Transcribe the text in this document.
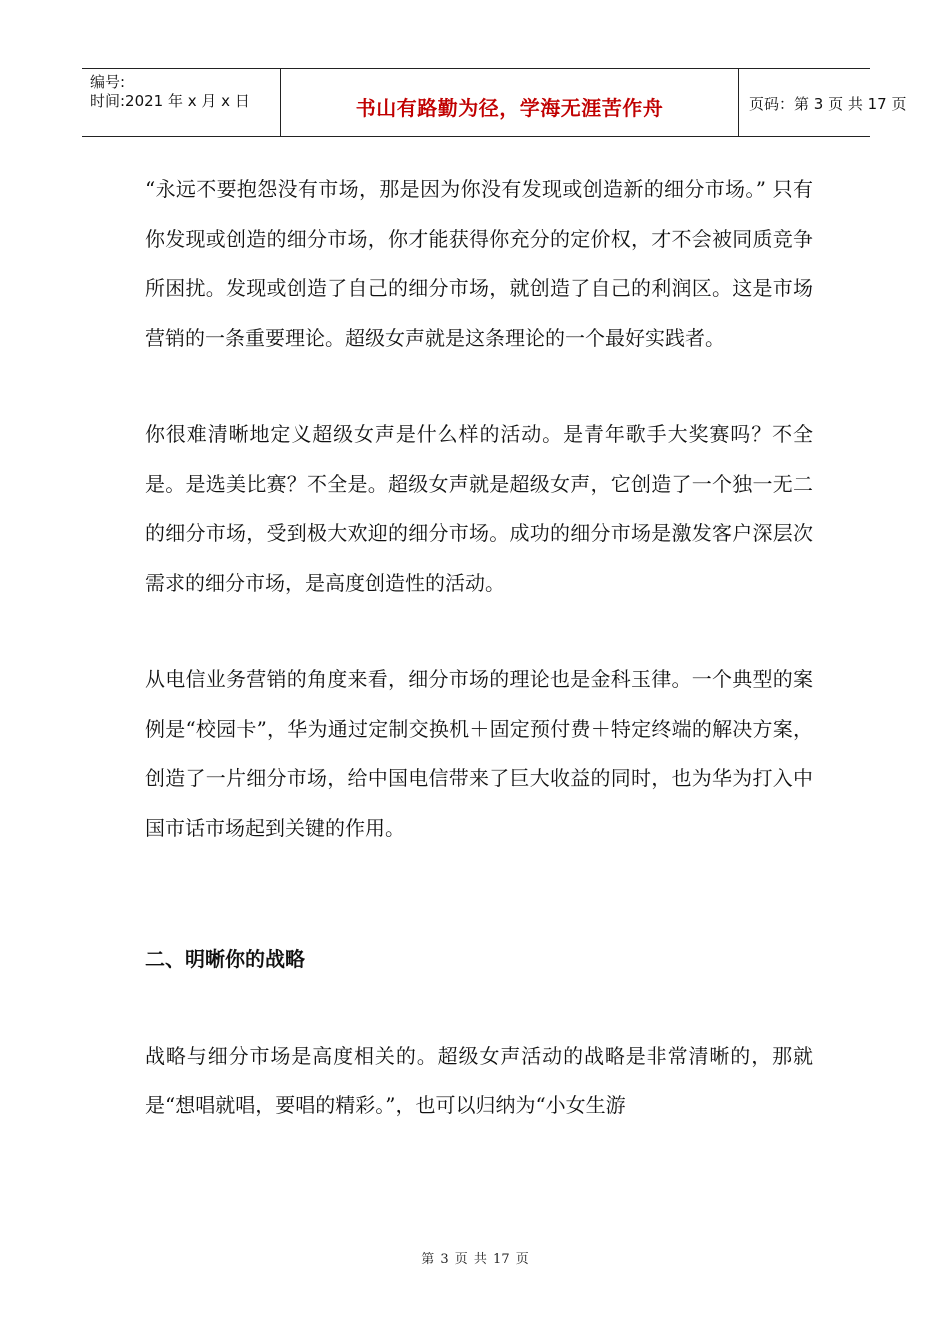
编号:
时间:2021 年 x 月 x 日	书山有路勤为径，学海无涯苦作舟	页码：第 3 页 共 17 页

“永远不要抱怨没有市场，那是因为你没有发现或创造新的细分市场。” 只有你发现或创造的细分市场，你才能获得你充分的定价权，才不会被同质竞争所困扰。发现或创造了自己的细分市场，就创造了自己的利润区。这是市场营销的一条重要理论。超级女声就是这条理论的一个最好实践者。

你很难清晰地定义超级女声是什么样的活动。是青年歌手大奖赛吗？不全是。是选美比赛？不全是。超级女声就是超级女声，它创造了一个独一无二的细分市场，受到极大欢迎的细分市场。成功的细分市场是激发客户深层次需求的细分市场，是高度创造性的活动。

从电信业务营销的角度来看，细分市场的理论也是金科玉律。一个典型的案例是“校园卡”，华为通过定制交换机＋固定预付费＋特定终端的解决方案，创造了一片细分市场，给中国电信带来了巨大收益的同时，也为华为打入中国市话市场起到关键的作用。

二、明晰你的战略

战略与细分市场是高度相关的。超级女声活动的战略是非常清晰的，那就是“想唱就唱，要唱的精彩。”，也可以归纳为“小女生游

第 3 页 共 17 页
